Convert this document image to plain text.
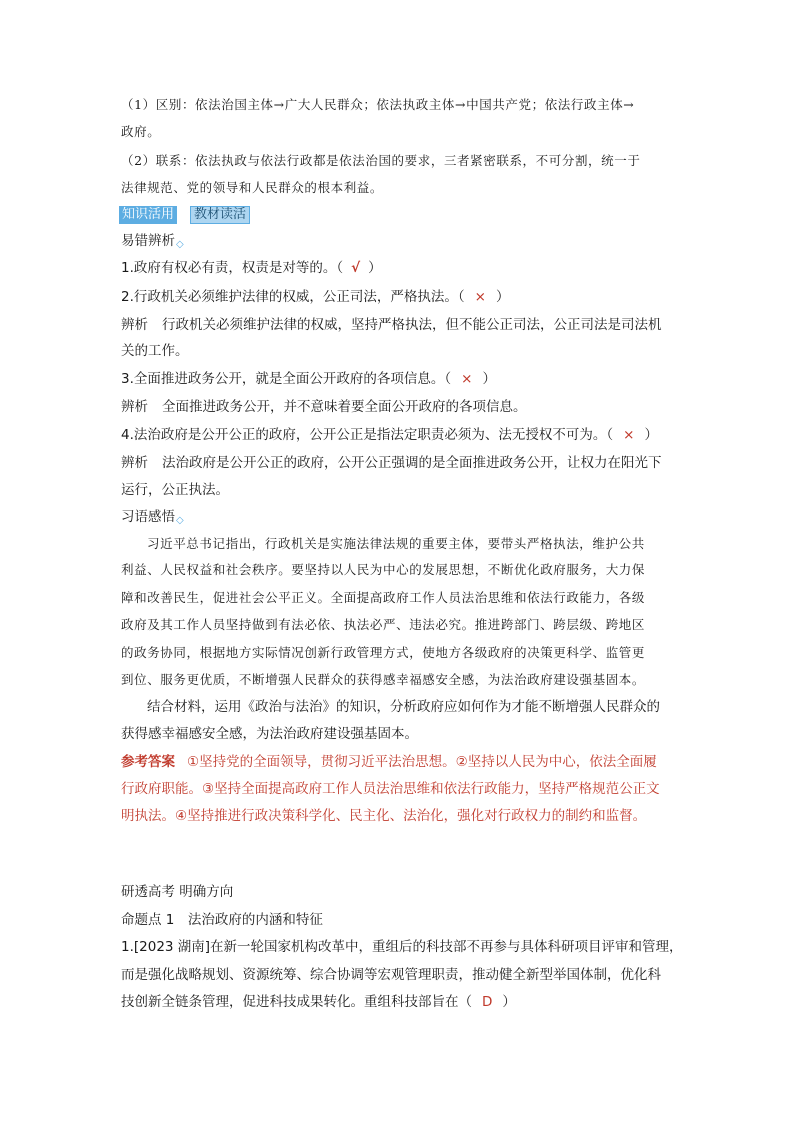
（1）区别：依法治国主体→广大人民群众；依法执政主体→中国共产党；依法行政主体→
政府。
（2）联系：依法执政与依法行政都是依法治国的要求，三者紧密联系，不可分割，统一于
法律规范、党的领导和人民群众的根本利益。
知识活用	教材读活
易错辨析◇
1.政府有权必有责，权责是对等的。（ √ ）
2.行政机关必须维护法律的权威，公正司法，严格执法。（ × ）
辨析 行政机关必须维护法律的权威，坚持严格执法，但不能公正司法，公正司法是司法机
关的工作。
3.全面推进政务公开，就是全面公开政府的各项信息。（ × ）
辨析 全面推进政务公开，并不意味着要全面公开政府的各项信息。
4.法治政府是公开公正的政府，公开公正是指法定职责必须为、法无授权不可为。（ × ）
辨析 法治政府是公开公正的政府，公开公正强调的是全面推进政务公开，让权力在阳光下
运行，公正执法。
习语感悟◇
习近平总书记指出，行政机关是实施法律法规的重要主体，要带头严格执法，维护公共
利益、人民权益和社会秩序。要坚持以人民为中心的发展思想，不断优化政府服务，大力保
障和改善民生，促进社会公平正义。全面提高政府工作人员法治思维和依法行政能力，各级
政府及其工作人员坚持做到有法必依、执法必严、违法必究。推进跨部门、跨层级、跨地区
的政务协同，根据地方实际情况创新行政管理方式，使地方各级政府的决策更科学、监管更
到位、服务更优质，不断增强人民群众的获得感幸福感安全感，为法治政府建设强基固本。
结合材料，运用《政治与法治》的知识，分析政府应如何作为才能不断增强人民群众的
获得感幸福感安全感，为法治政府建设强基固本。
参考答案 ①坚持党的全面领导，贯彻习近平法治思想。②坚持以人民为中心，依法全面履
行政府职能。③坚持全面提高政府工作人员法治思维和依法行政能力，坚持严格规范公正文
明执法。④坚持推进行政决策科学化、民主化、法治化，强化对行政权力的制约和监督。
研透高考 明确方向
命题点 1　法治政府的内涵和特征
1.[2023 湖南]在新一轮国家机构改革中，重组后的科技部不再参与具体科研项目评审和管理，
而是强化战略规划、资源统筹、综合协调等宏观管理职责，推动健全新型举国体制，优化科
技创新全链条管理，促进科技成果转化。重组科技部旨在（ D ）
